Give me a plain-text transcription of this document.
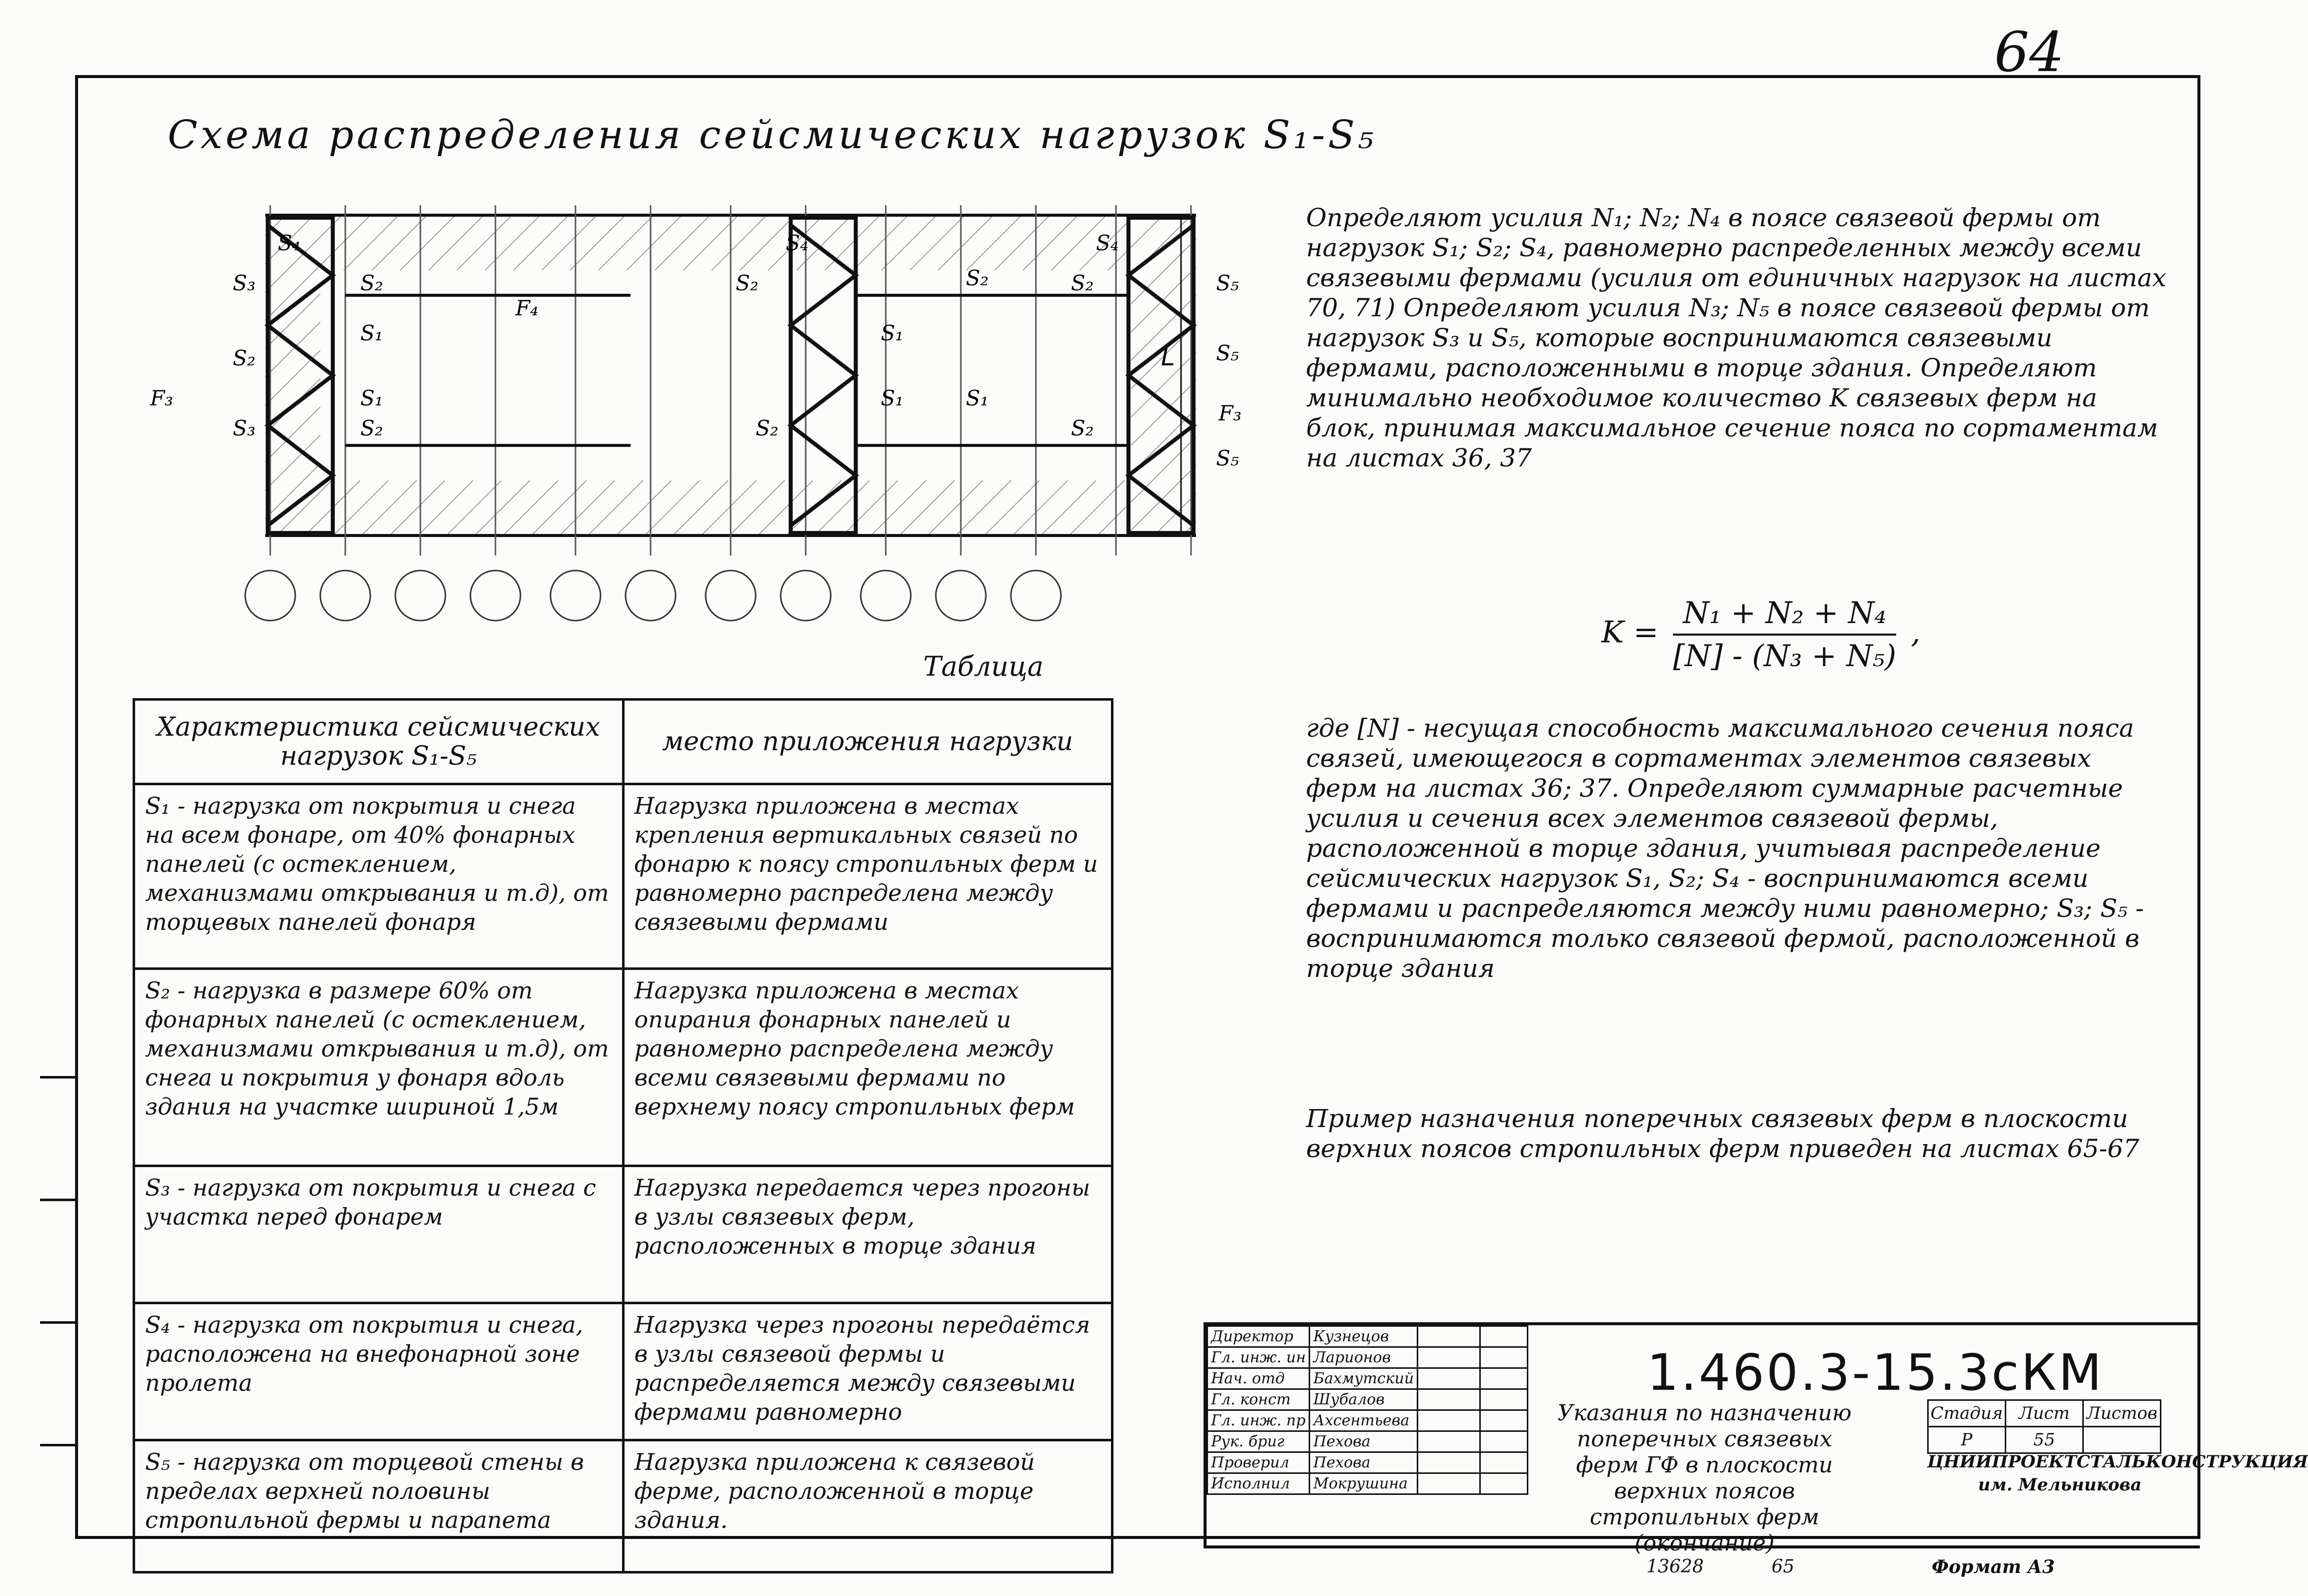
64
Схема распределения сейсмических нагрузок S₁-S₅
L
S₃
S₂
S₃
F₃
S₄
S₂
S₁
S₁
S₂
F₄
S₄
S₂
S₁
S₂
S₁
S₂
S₄
S₂
S₁
S₂
S₅
S₅
S₅
F₃
Таблица
Характеристика сейсмических нагрузок S₁-S₅	место приложения нагрузки
S₁ - нагрузка от покрытия и снега на всем фонаре, от 40% фонарных панелей (с остеклением, механизмами открывания и т.д), от торцевых панелей фонаря	Нагрузка приложена в местах крепления вертикальных связей по фонарю к поясу стропильных ферм и равномерно распределена между связевыми фермами
S₂ - нагрузка в размере 60% от фонарных панелей (с остеклением, механизмами открывания и т.д), от снега и покрытия у фонаря вдоль здания на участке шириной 1,5м	Нагрузка приложена в местах опирания фонарных панелей и равномерно распределена между всеми связевыми фермами по верхнему поясу стропильных ферм
S₃ - нагрузка от покрытия и снега с участка перед фонарем	Нагрузка передается через прогоны в узлы связевых ферм, расположенных в торце здания
S₄ - нагрузка от покрытия и снега, расположена на внефонарной зоне пролета	Нагрузка через прогоны передаётся в узлы связевой фермы и распределяется между связевыми фермами равномерно
S₅ - нагрузка от торцевой стены в пределах верхней половины стропильной фермы и парапета	Нагрузка приложена к связевой ферме, расположенной в торце здания.
Определяют усилия N₁; N₂; N₄ в поясе связевой фермы от нагрузок S₁; S₂; S₄, равномерно распределенных между всеми связевыми фермами (усилия от единичных нагрузок на листах 70, 71) Определяют усилия N₃; N₅ в поясе связевой фермы от нагрузок S₃ и S₅, которые воспринимаются связевыми фермами, расположенными в торце здания. Определяют минимально необходимое количество K связевых ферм на блок, принимая максимальное сечение пояса по сортаментам на листах 36, 37
$K = \frac{\text{N₁ + N₂ + N₄}}{\text{[N] - (N₃ + N₅)}}$ ,
где [N] - несущая способность максимального сечения пояса связей, имеющегося в сортаментах элементов связевых ферм на листах 36; 37. Определяют суммарные расчетные усилия и сечения всех элементов связевой фермы, расположенной в торце здания, учитывая распределение сейсмических нагрузок S₁, S₂; S₄ - воспринимаются всеми фермами и распределяются между ними равномерно; S₃; S₅ - воспринимаются только связевой фермой, расположенной в торце здания
Пример назначения поперечных связевых ферм в плоскости верхних поясов стропильных ферм приведен на листах 65-67
Директор	Кузнецов		
Гл. инж. ин	Ларионов		
Нач. отд	Бахмутский		
Гл. конст	Шубалов		
Гл. инж. пр	Ахсентьева		
Рук. бриг	Пехова		
Проверил	Пехова		
Исполнил	Мокрушина		
1.460.3-15.3сКМ
Указания по назначению поперечных связевых ферм ГФ в плоскости верхних поясов стропильных ферм (окончание)
Стадия	Лист	Листов
Р	55	
ЦНИИПРОЕКТСТАЛЬКОНСТРУКЦИЯ им. Мельникова
13628	65	Формат А3
